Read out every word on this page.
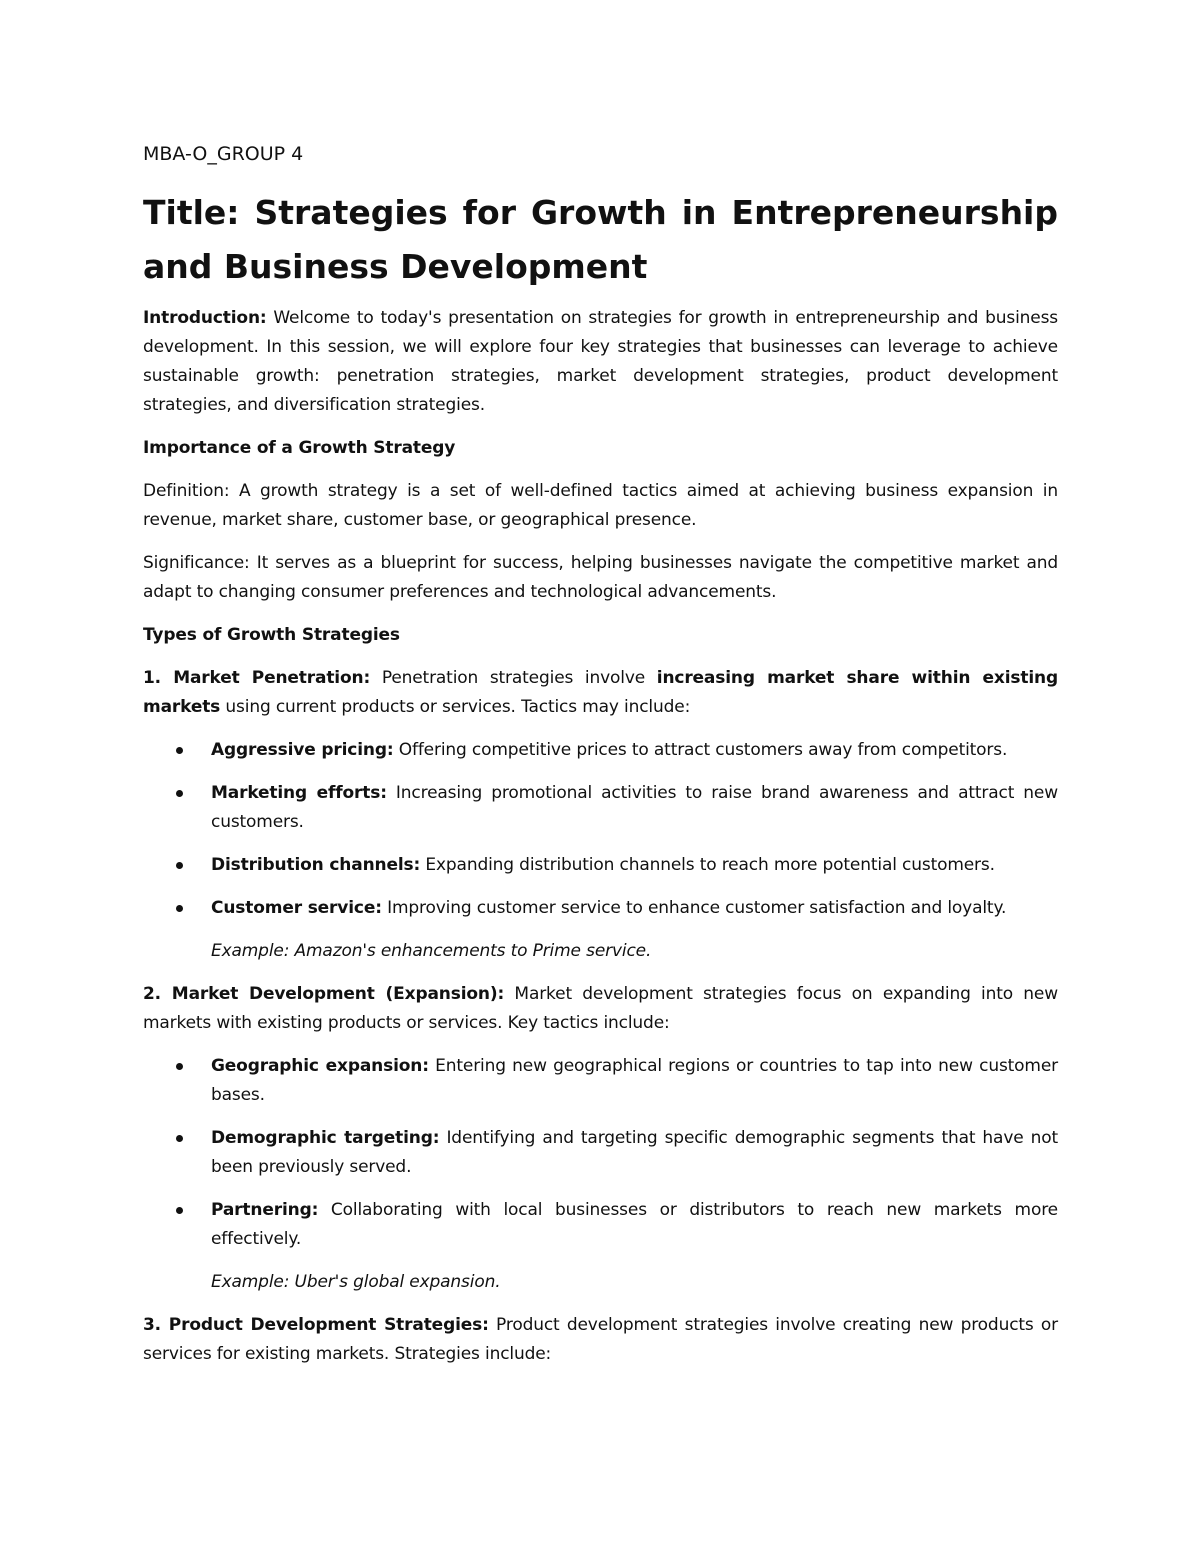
MBA-O_GROUP 4

Title: Strategies for Growth in Entrepreneurship and Business Development

Introduction: Welcome to today's presentation on strategies for growth in entrepreneurship and business development. In this session, we will explore four key strategies that businesses can leverage to achieve sustainable growth: penetration strategies, market development strategies, product development strategies, and diversification strategies.

Importance of a Growth Strategy

Definition: A growth strategy is a set of well-defined tactics aimed at achieving business expansion in revenue, market share, customer base, or geographical presence.

Significance: It serves as a blueprint for success, helping businesses navigate the competitive market and adapt to changing consumer preferences and technological advancements.

Types of Growth Strategies

1. Market Penetration: Penetration strategies involve increasing market share within existing markets using current products or services. Tactics may include:

Aggressive pricing: Offering competitive prices to attract customers away from competitors.
Marketing efforts: Increasing promotional activities to raise brand awareness and attract new customers.
Distribution channels: Expanding distribution channels to reach more potential customers.
Customer service: Improving customer service to enhance customer satisfaction and loyalty.

Example: Amazon's enhancements to Prime service.

2. Market Development (Expansion): Market development strategies focus on expanding into new markets with existing products or services. Key tactics include:

Geographic expansion: Entering new geographical regions or countries to tap into new customer bases.
Demographic targeting: Identifying and targeting specific demographic segments that have not been previously served.
Partnering: Collaborating with local businesses or distributors to reach new markets more effectively.

Example: Uber's global expansion.

3. Product Development Strategies: Product development strategies involve creating new products or services for existing markets. Strategies include:
